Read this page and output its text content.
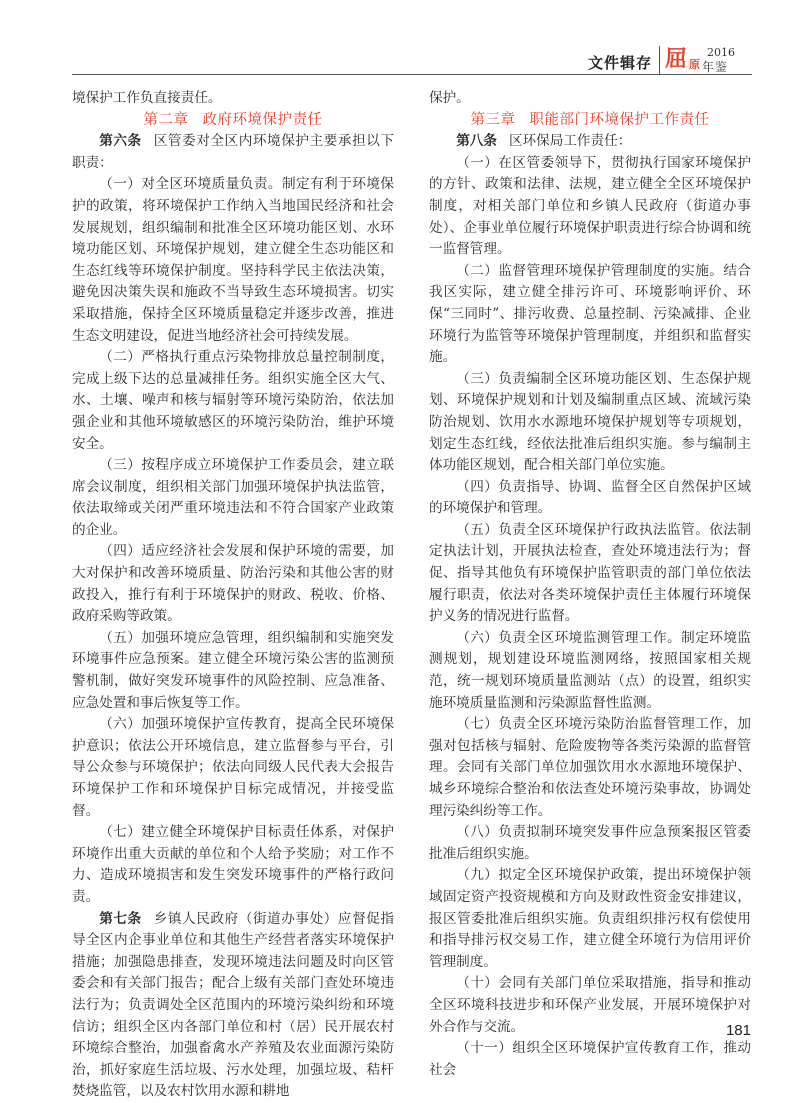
文件辑存 屈 原
2016
年鉴

境保护工作负直接责任。

第二章 政府环境保护责任

第六条 区管委对全区内环境保护主要承担以下职责：

（一）对全区环境质量负责。制定有利于环境保护的政策，将环境保护工作纳入当地国民经济和社会发展规划，组织编制和批准全区环境功能区划、水环境功能区划、环境保护规划，建立健全生态功能区和生态红线等环境保护制度。坚持科学民主依法决策，避免因决策失误和施政不当导致生态环境损害。切实采取措施，保持全区环境质量稳定并逐步改善，推进生态文明建设，促进当地经济社会可持续发展。

（二）严格执行重点污染物排放总量控制制度，完成上级下达的总量减排任务。组织实施全区大气、水、土壤、噪声和核与辐射等环境污染防治，依法加强企业和其他环境敏感区的环境污染防治，维护环境安全。

（三）按程序成立环境保护工作委员会，建立联席会议制度，组织相关部门加强环境保护执法监管，依法取缔或关闭严重环境违法和不符合国家产业政策的企业。

（四）适应经济社会发展和保护环境的需要，加大对保护和改善环境质量、防治污染和其他公害的财政投入，推行有利于环境保护的财政、税收、价格、政府采购等政策。

（五）加强环境应急管理，组织编制和实施突发环境事件应急预案。建立健全环境污染公害的监测预警机制，做好突发环境事件的风险控制、应急准备、应急处置和事后恢复等工作。

（六）加强环境保护宣传教育，提高全民环境保护意识；依法公开环境信息，建立监督参与平台，引导公众参与环境保护；依法向同级人民代表大会报告环境保护工作和环境保护目标完成情况，并接受监督。

（七）建立健全环境保护目标责任体系，对保护环境作出重大贡献的单位和个人给予奖励；对工作不力、造成环境损害和发生突发环境事件的严格行政问责。

第七条 乡镇人民政府（街道办事处）应督促指导全区内企事业单位和其他生产经营者落实环境保护措施；加强隐患排查，发现环境违法问题及时向区管委会和有关部门报告；配合上级有关部门查处环境违法行为；负责调处全区范围内的环境污染纠纷和环境信访；组织全区内各部门单位和村（居）民开展农村环境综合整治，加强畜禽水产养殖及农业面源污染防治，抓好家庭生活垃圾、污水处理，加强垃圾、秸杆焚烧监管，以及农村饮用水源和耕地

保护。

第三章 职能部门环境保护工作责任

第八条 区环保局工作责任：

（一）在区管委领导下，贯彻执行国家环境保护的方针、政策和法律、法规，建立健全全区环境保护制度，对相关部门单位和乡镇人民政府（街道办事处）、企事业单位履行环境保护职责进行综合协调和统一监督管理。

（二）监督管理环境保护管理制度的实施。结合我区实际，建立健全排污许可、环境影响评价、环保“三同时”、排污收费、总量控制、污染减排、企业环境行为监管等环境保护管理制度，并组织和监督实施。

（三）负责编制全区环境功能区划、生态保护规划、环境保护规划和计划及编制重点区域、流域污染防治规划、饮用水水源地环境保护规划等专项规划，划定生态红线，经依法批准后组织实施。参与编制主体功能区规划，配合相关部门单位实施。

（四）负责指导、协调、监督全区自然保护区域的环境保护和管理。

（五）负责全区环境保护行政执法监管。依法制定执法计划，开展执法检查，查处环境违法行为；督促、指导其他负有环境保护监管职责的部门单位依法履行职责，依法对各类环境保护责任主体履行环境保护义务的情况进行监督。

（六）负责全区环境监测管理工作。制定环境监测规划，规划建设环境监测网络，按照国家相关规范，统一规划环境质量监测站（点）的设置，组织实施环境质量监测和污染源监督性监测。

（七）负责全区环境污染防治监督管理工作，加强对包括核与辐射、危险废物等各类污染源的监督管理。会同有关部门单位加强饮用水水源地环境保护、城乡环境综合整治和依法查处环境污染事故，协调处理污染纠纷等工作。

（八）负责拟制环境突发事件应急预案报区管委批准后组织实施。

（九）拟定全区环境保护政策，提出环境保护领域固定资产投资规模和方向及财政性资金安排建议，报区管委批准后组织实施。负责组织排污权有偿使用和指导排污权交易工作，建立健全环境行为信用评价管理制度。

（十）会同有关部门单位采取措施，指导和推动全区环境科技进步和环保产业发展，开展环境保护对外合作与交流。

（十一）组织全区环境保护宣传教育工作，推动社会

181
